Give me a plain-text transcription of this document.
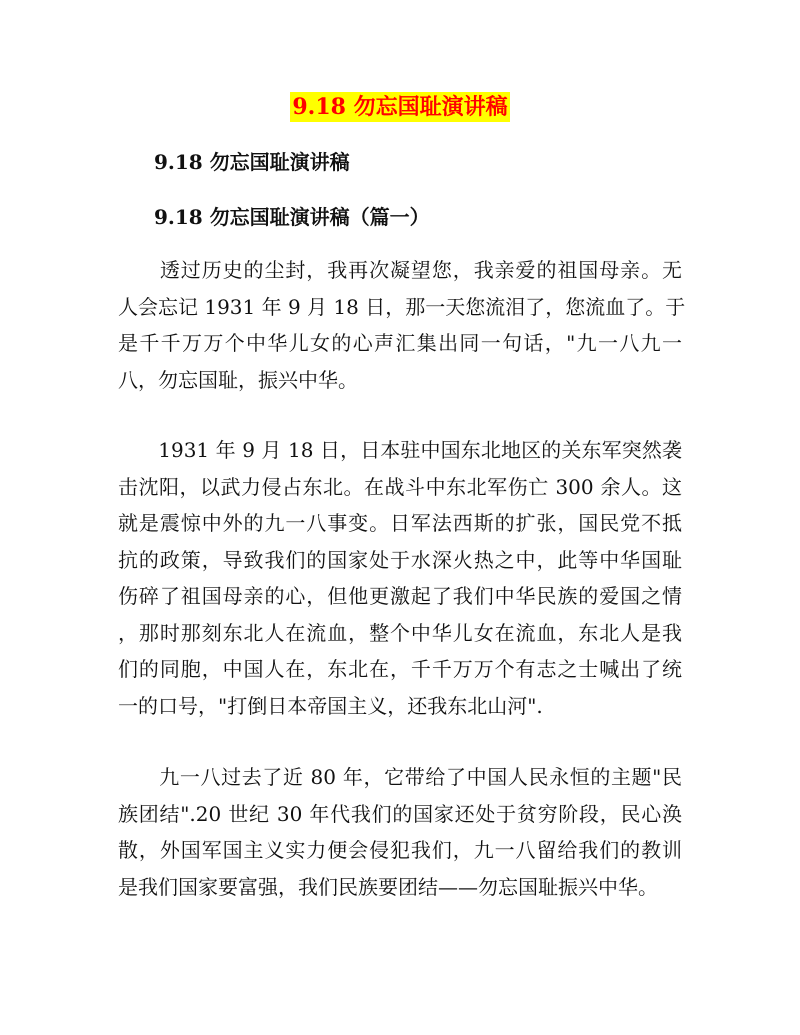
9.18 勿忘国耻演讲稿
9.18 勿忘国耻演讲稿
9.18 勿忘国耻演讲稿（篇一）
　　透过历史的尘封，我再次凝望您，我亲爱的祖国母亲。无
人会忘记 1931 年 9 月 18 日，那一天您流泪了，您流血了。于
是千千万万个中华儿女的心声汇集出同一句话，"九一八九一
八，勿忘国耻，振兴中华。
　　1931 年 9 月 18 日，日本驻中国东北地区的关东军突然袭
击沈阳，以武力侵占东北。在战斗中东北军伤亡 300 余人。这
就是震惊中外的九一八事变。日军法西斯的扩张，国民党不抵
抗的政策，导致我们的国家处于水深火热之中，此等中华国耻
伤碎了祖国母亲的心，但他更激起了我们中华民族的爱国之情
，那时那刻东北人在流血，整个中华儿女在流血，东北人是我
们的同胞，中国人在，东北在，千千万万个有志之士喊出了统
一的口号，"打倒日本帝国主义，还我东北山河".
　　九一八过去了近 80 年，它带给了中国人民永恒的主题"民
族团结".20 世纪 30 年代我们的国家还处于贫穷阶段，民心涣
散，外国军国主义实力便会侵犯我们，九一八留给我们的教训
是我们国家要富强，我们民族要团结——勿忘国耻振兴中华。
